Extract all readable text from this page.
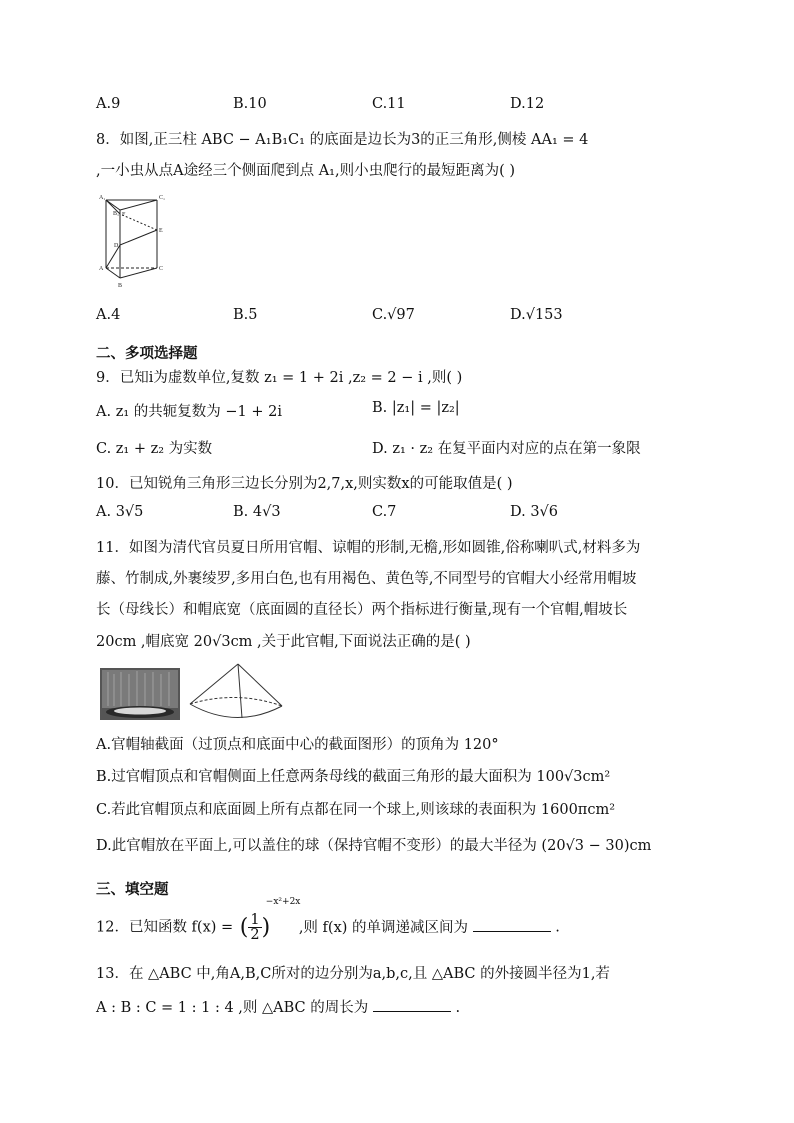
A.9	B.10	C.11	D.12
8．如图,正三柱 ABC − A₁B₁C₁ 的底面是边长为3的正三角形,侧棱 AA₁ = 4
,一小虫从点A途经三个侧面爬到点 A₁,则小虫爬行的最短距离为( )
A₁
B₁
C₁
F
E
D
A	C
B
A.4	B.5	C.√97	D.√153
二、多项选择题
9．已知i为虚数单位,复数 z₁ = 1 + 2i ,z₂ = 2 − i ,则( )
A. z₁ 的共轭复数为 −1 + 2i	B. |z₁| = |z₂|
C. z₁ + z₂ 为实数	D. z₁ · z₂ 在复平面内对应的点在第一象限
10．已知锐角三角形三边长分别为2,7,x,则实数x的可能取值是( )
A. 3√5	B. 4√3	C.7	D. 3√6
11．如图为清代官员夏日所用官帽、谅帽的形制,无檐,形如圆锥,俗称喇叭式,材料多为
藤、竹制成,外裹绫罗,多用白色,也有用褐色、黄色等,不同型号的官帽大小经常用帽坡
长（母线长）和帽底宽（底面圆的直径长）两个指标进行衡量,现有一个官帽,帽坡长
20cm ,帽底宽 20√3cm ,关于此官帽,下面说法正确的是( )
A.官帽轴截面（过顶点和底面中心的截面图形）的顶角为 120°
B.过官帽顶点和官帽侧面上任意两条母线的截面三角形的最大面积为 100√3cm²
C.若此官帽顶点和底面圆上所有点都在同一个球上,则该球的表面积为 1600πcm²
D.此官帽放在平面上,可以盖住的球（保持官帽不变形）的最大半径为 (20√3 − 30)cm
三、填空题
12．已知函数 f(x) = ( $\frac{1}{2}$ )
−x²+2x
,则 f(x) 的单调递减区间为	.
13．在 △ABC 中,角A,B,C所对的边分别为a,b,c,且 △ABC 的外接圆半径为1,若
A : B : C = 1 : 1 : 4 ,则 △ABC 的周长为	.
